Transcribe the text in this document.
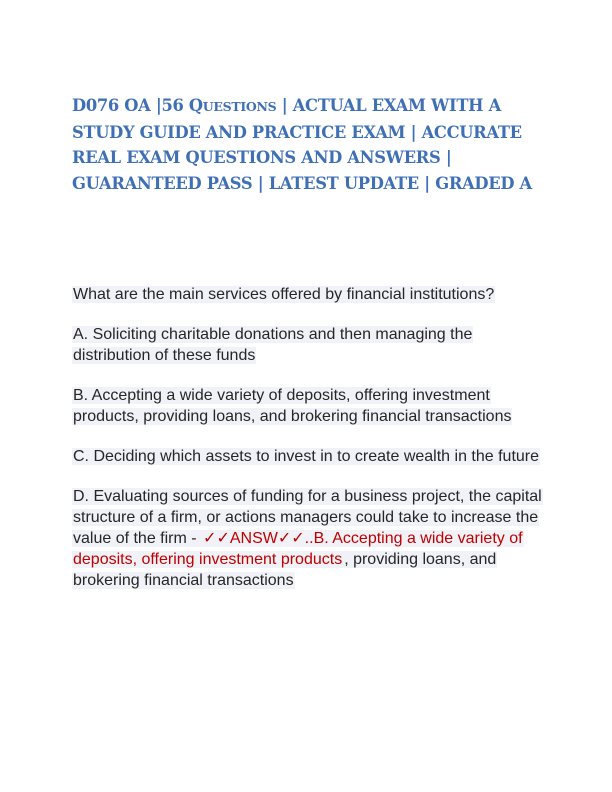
D076 OA |56 QUESTIONS | ACTUAL EXAM WITH A STUDY GUIDE AND PRACTICE EXAM | ACCURATE REAL EXAM QUESTIONS AND ANSWERS | GUARANTEED PASS | LATEST UPDATE | GRADED A

What are the main services offered by financial institutions?

A. Soliciting charitable donations and then managing the distribution of these funds

B. Accepting a wide variety of deposits, offering investment products, providing loans, and brokering financial transactions

C. Deciding which assets to invest in to create wealth in the future

D. Evaluating sources of funding for a business project, the capital structure of a firm, or actions managers could take to increase the value of the firm - ✓✓ANSW✓✓..B. Accepting a wide variety of deposits, offering investment products , providing loans, and brokering financial transactions
